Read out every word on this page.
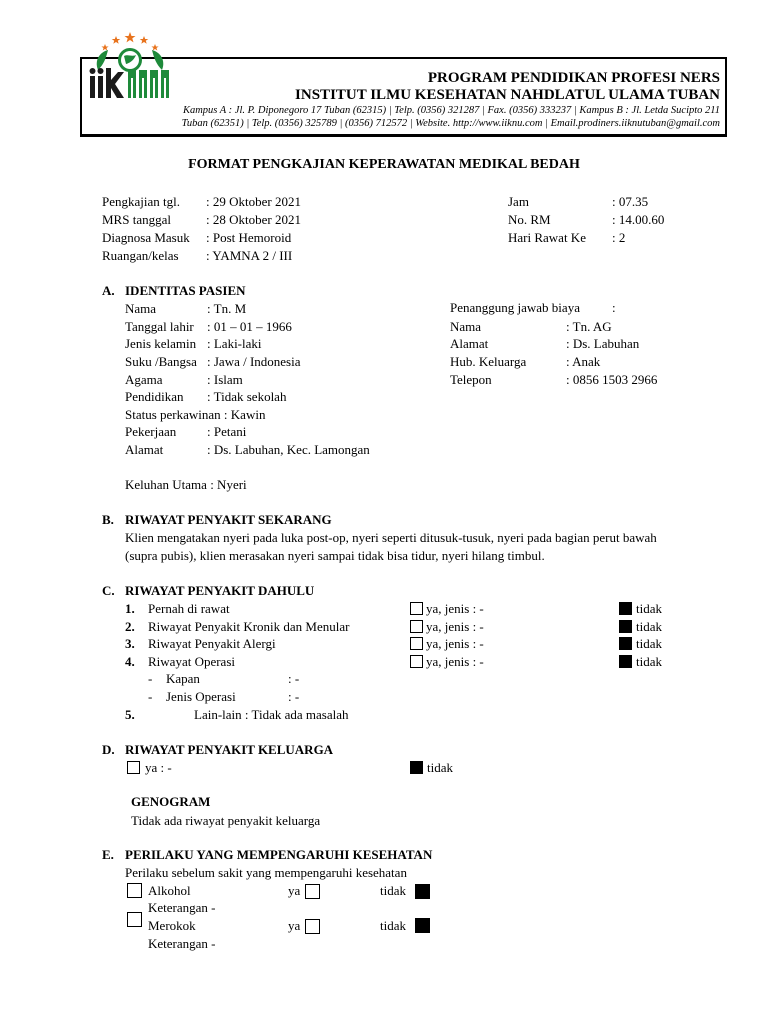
PROGRAM PENDIDIKAN PROFESI NERS
INSTITUT ILMU KESEHATAN NAHDLATUL ULAMA TUBAN
Kampus A : Jl. P. Diponegoro 17 Tuban (62315) | Telp. (0356) 321287 | Fax. (0356) 333237 | Kampus B : Jl. Letda Sucipto 211
Tuban (62351) | Telp. (0356) 325789 | (0356) 712572 | Website. http://www.iiknu.com | Email.prodiners.iiknutuban@gmail.com
FORMAT PENGKAJIAN KEPERAWATAN MEDIKAL BEDAH
Pengkajian tgl. : 29 Oktober 2021
MRS tanggal	: 28 Oktober 2021
Diagnosa Masuk : Post Hemoroid
Ruangan/kelas : YAMNA 2 / III
Jam	: 07.35
No. RM	: 14.00.60
Hari Rawat Ke : 2
A. IDENTITAS PASIEN
Nama	: Tn. M
Tanggal lahir : 01 – 01 – 1966
Jenis kelamin : Laki-laki
Suku /Bangsa : Jawa / Indonesia
Agama	: Islam
Pendidikan : Tidak sekolah
Status perkawinan : Kawin
Pekerjaan : Petani
Alamat	: Ds. Labuhan, Kec. Lamongan
Keluhan Utama : Nyeri
Penanggung jawab biaya :
Nama	: Tn. AG
Alamat	: Ds. Labuhan
Hub. Keluarga	: Anak
Telepon	: 0856 1503 2966
B. RIWAYAT PENYAKIT SEKARANG
Klien mengatakan nyeri pada luka post-op, nyeri seperti ditusuk-tusuk, nyeri pada bagian perut bawah
(supra pubis), klien merasakan nyeri sampai tidak bisa tidur, nyeri hilang timbul.
C. RIWAYAT PENYAKIT DAHULU
1. Pernah di rawat	ya, jenis : -	tidak
2. Riwayat Penyakit Kronik dan Menular	ya, jenis : -	tidak
3. Riwayat Penyakit Alergi	ya, jenis : -	tidak
4. Riwayat Operasi	ya, jenis : -	tidak
- Kapan	: -
- Jenis Operasi	: -
5.	Lain-lain : Tidak ada masalah
D. RIWAYAT PENYAKIT KELUARGA
ya : -	tidak
GENOGRAM
Tidak ada riwayat penyakit keluarga
E. PERILAKU YANG MEMPENGARUHI KESEHATAN
Perilaku sebelum sakit yang mempengaruhi kesehatan
Alkohol	ya	tidak
Keterangan -
Merokok	ya	tidak
Keterangan -
